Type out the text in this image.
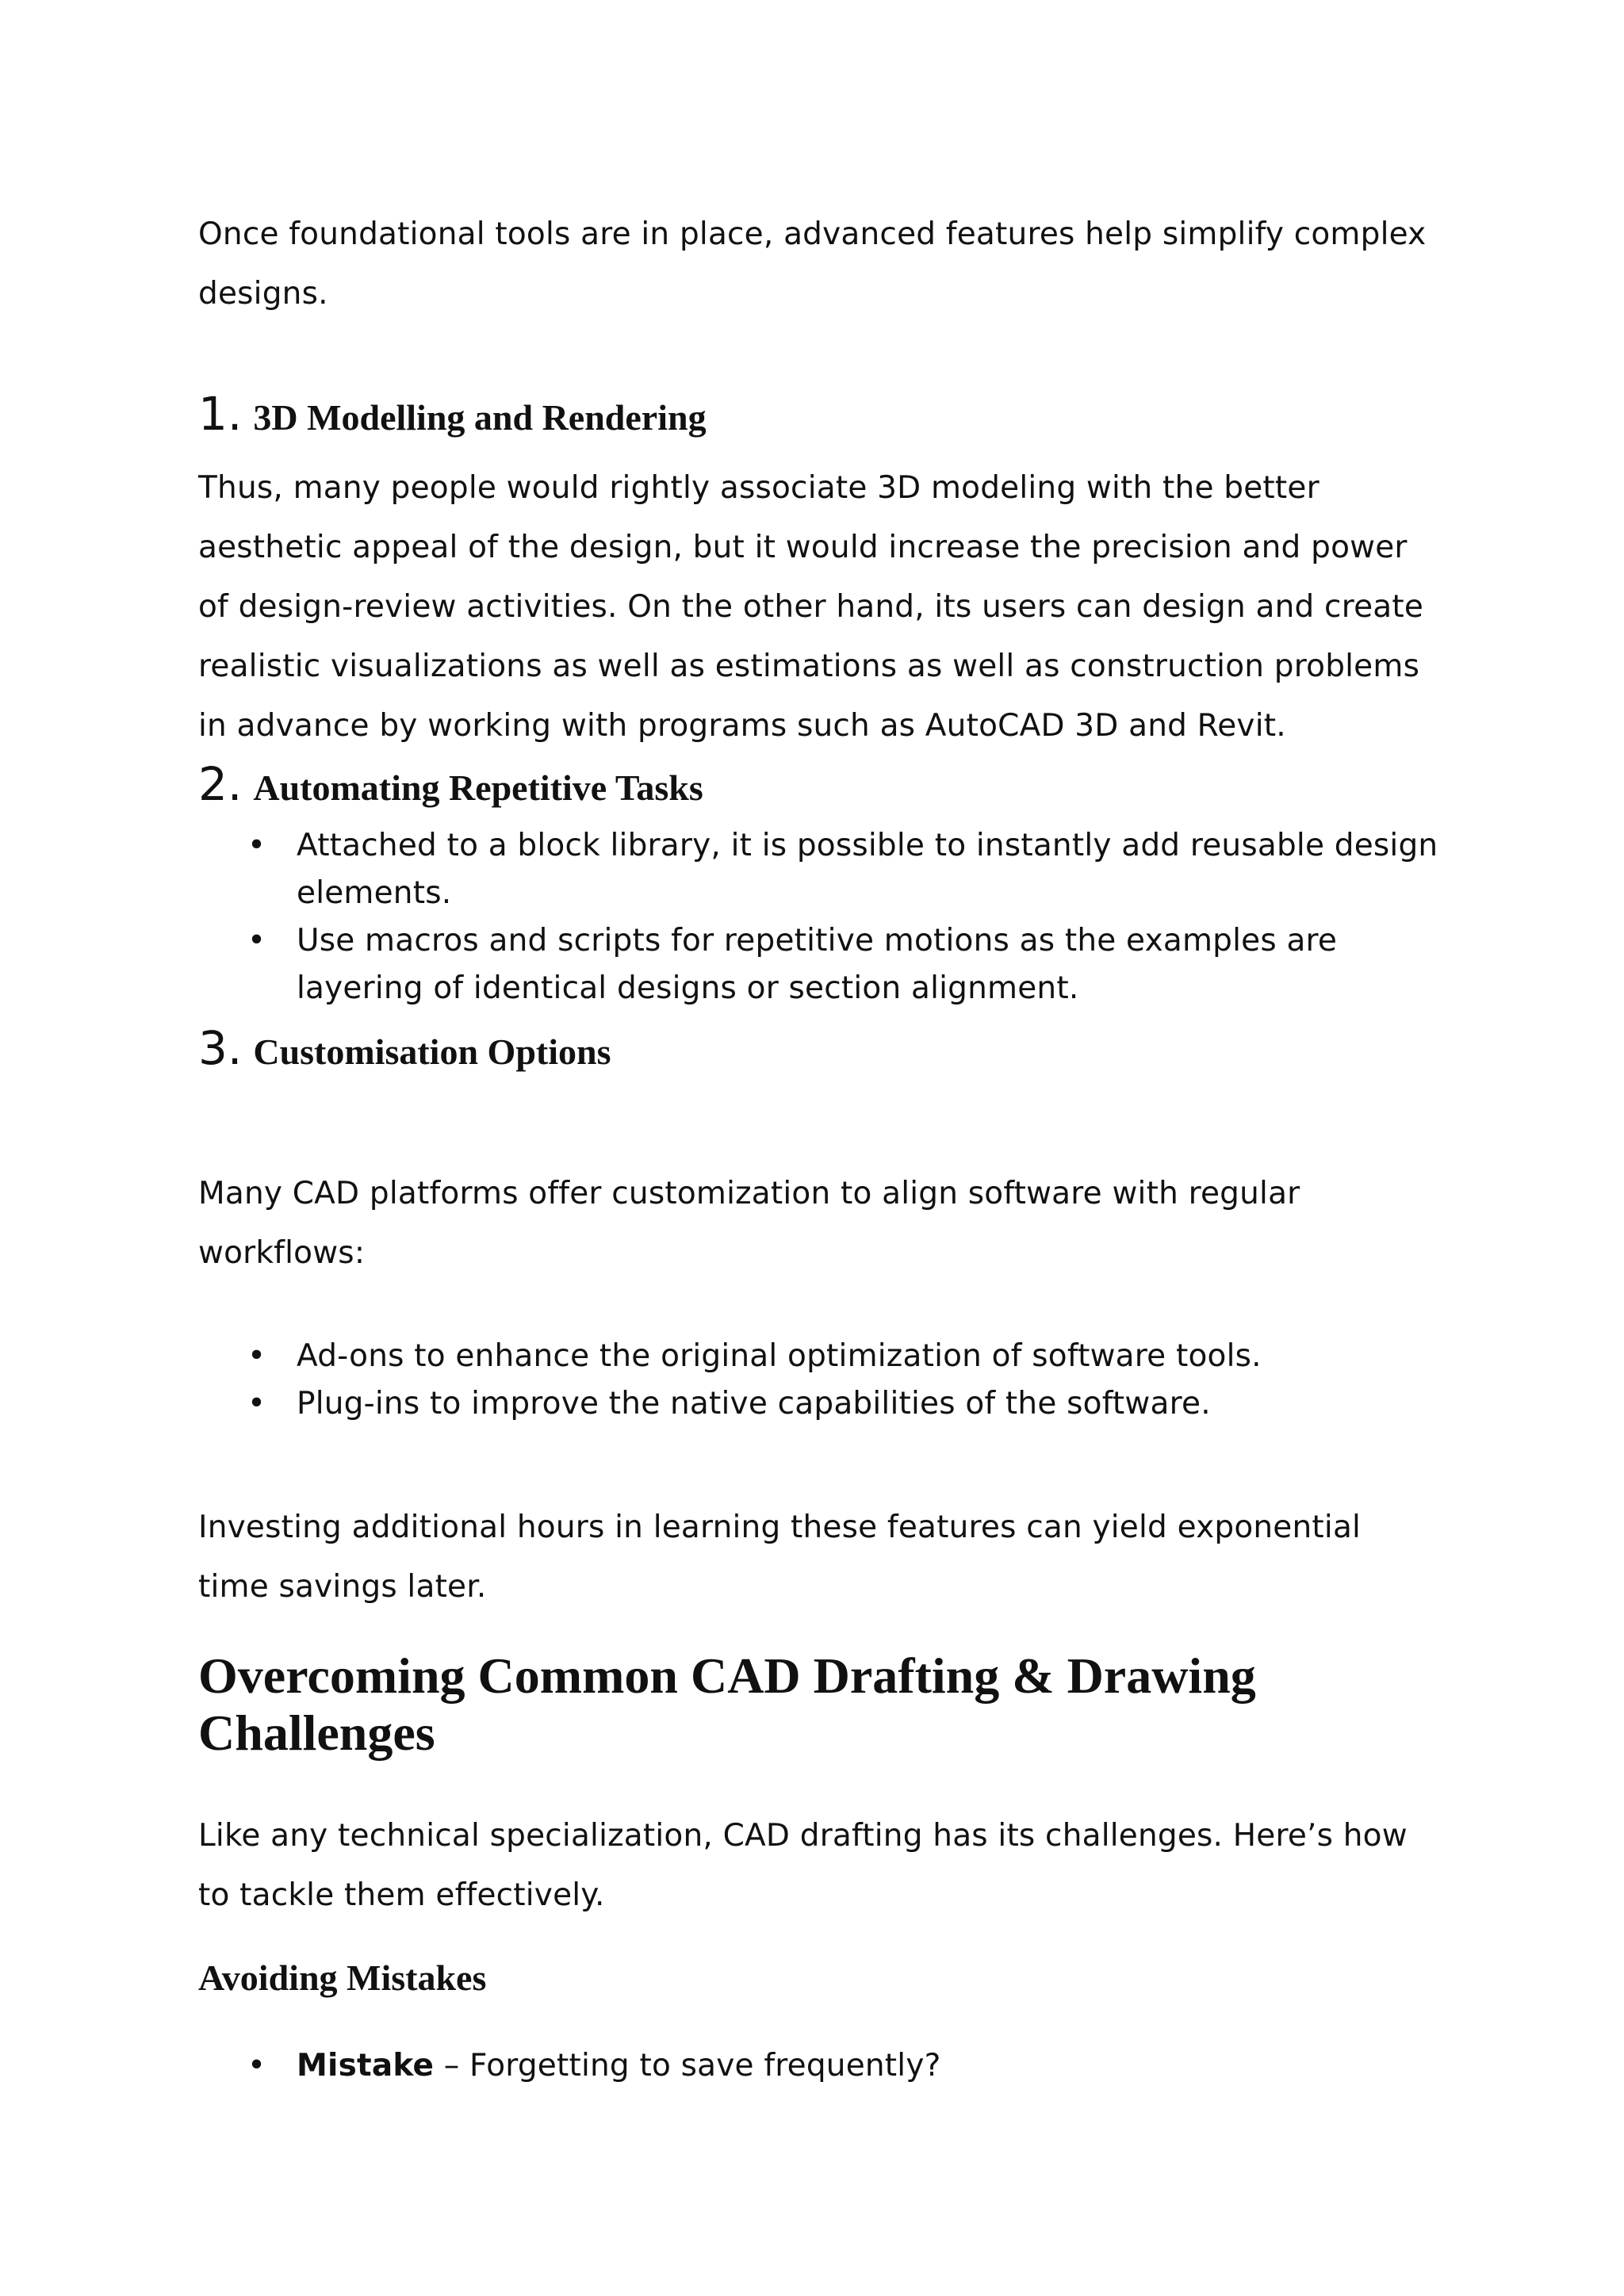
Once foundational tools are in place, advanced features help simplify complex designs.

1. 3D Modelling and Rendering

Thus, many people would rightly associate 3D modeling with the better aesthetic appeal of the design, but it would increase the precision and power of design-review activities. On the other hand, its users can design and create realistic visualizations as well as estimations as well as construction problems in advance by working with programs such as AutoCAD 3D and Revit.

2. Automating Repetitive Tasks
• Attached to a block library, it is possible to instantly add reusable design elements.
• Use macros and scripts for repetitive motions as the examples are layering of identical designs or section alignment.
3. Customisation Options

Many CAD platforms offer customization to align software with regular workflows:

• Ad-ons to enhance the original optimization of software tools.
• Plug-ins to improve the native capabilities of the software.

Investing additional hours in learning these features can yield exponential time savings later.

Overcoming Common CAD Drafting & Drawing Challenges

Like any technical specialization, CAD drafting has its challenges. Here’s how to tackle them effectively.

Avoiding Mistakes
• Mistake – Forgetting to save frequently?
